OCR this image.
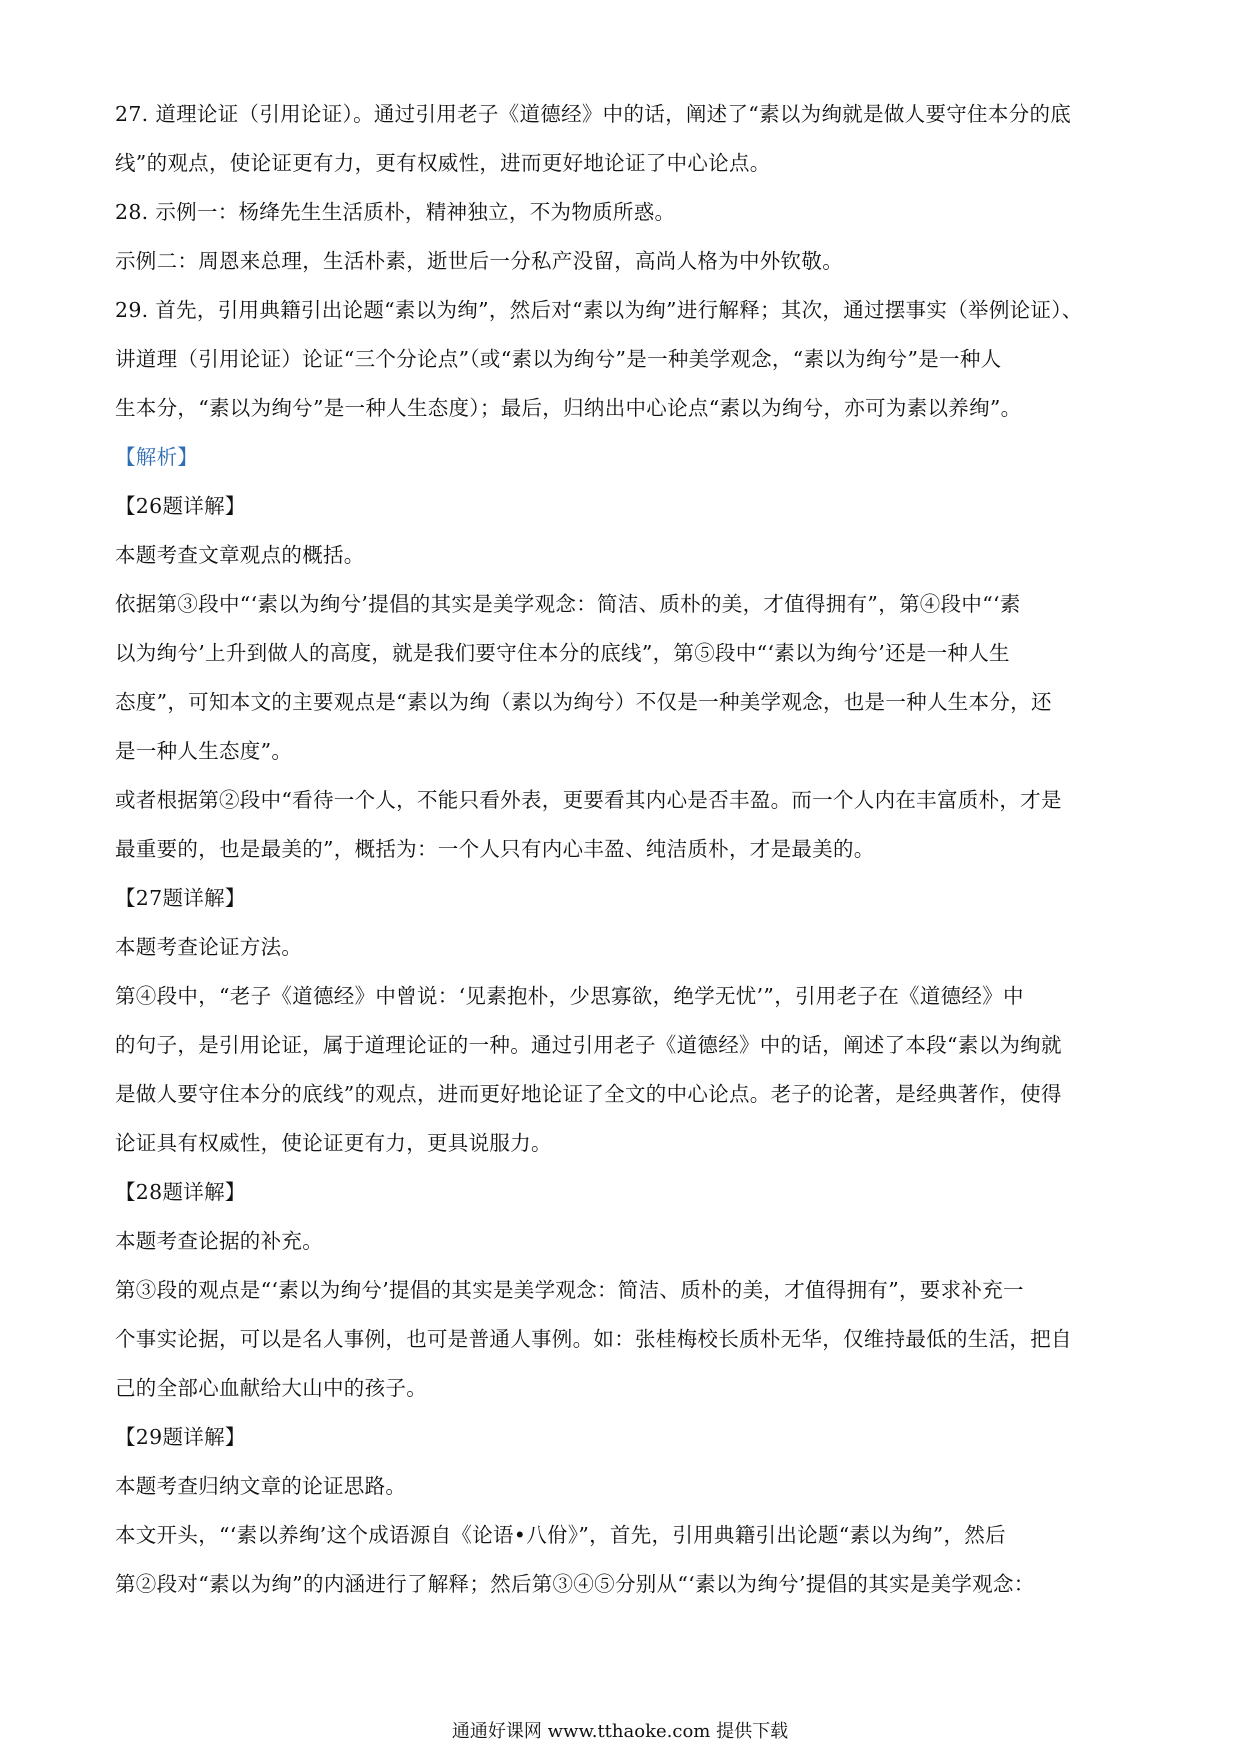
27. 道理论证（引用论证）。通过引用老子《道德经》中的话，阐述了“素以为绚就是做人要守住本分的底

线”的观点，使论证更有力，更有权威性，进而更好地论证了中心论点。

28. 示例一：杨绛先生生活质朴，精神独立，不为物质所惑。

示例二：周恩来总理，生活朴素，逝世后一分私产没留，高尚人格为中外钦敬。

29. 首先，引用典籍引出论题“素以为绚”，然后对“素以为绚”进行解释；其次，通过摆事实（举例论证）、

讲道理（引用论证）论证“三个分论点”（或“素以为绚兮”是一种美学观念，“素以为绚兮”是一种人

生本分，“素以为绚兮”是一种人生态度）；最后，归纳出中心论点“素以为绚兮，亦可为素以养绚”。

【解析】

【26题详解】

本题考查文章观点的概括。

依据第③段中“‘素以为绚兮’提倡的其实是美学观念：简洁、质朴的美，才值得拥有”，第④段中“‘素

以为绚兮’上升到做人的高度，就是我们要守住本分的底线”，第⑤段中“‘素以为绚兮’还是一种人生

态度”，可知本文的主要观点是“素以为绚（素以为绚兮）不仅是一种美学观念，也是一种人生本分，还

是一种人生态度”。

或者根据第②段中“看待一个人，不能只看外表，更要看其内心是否丰盈。而一个人内在丰富质朴，才是

最重要的，也是最美的”，概括为：一个人只有内心丰盈、纯洁质朴，才是最美的。

【27题详解】

本题考查论证方法。

第④段中，“老子《道德经》中曾说：‘见素抱朴，少思寡欲，绝学无忧’”，引用老子在《道德经》中

的句子，是引用论证，属于道理论证的一种。通过引用老子《道德经》中的话，阐述了本段“素以为绚就

是做人要守住本分的底线”的观点，进而更好地论证了全文的中心论点。老子的论著，是经典著作，使得

论证具有权威性，使论证更有力，更具说服力。

【28题详解】

本题考查论据的补充。

第③段的观点是“‘素以为绚兮’提倡的其实是美学观念：简洁、质朴的美，才值得拥有”，要求补充一

个事实论据，可以是名人事例，也可是普通人事例。如：张桂梅校长质朴无华，仅维持最低的生活，把自

己的全部心血献给大山中的孩子。

【29题详解】

本题考查归纳文章的论证思路。

本文开头，“‘素以养绚’这个成语源自《论语•八佾》”，首先，引用典籍引出论题“素以为绚”，然后

第②段对“素以为绚”的内涵进行了解释；然后第③④⑤分别从“‘素以为绚兮’提倡的其实是美学观念：

通通好课网 www.tthaoke.com 提供下载
